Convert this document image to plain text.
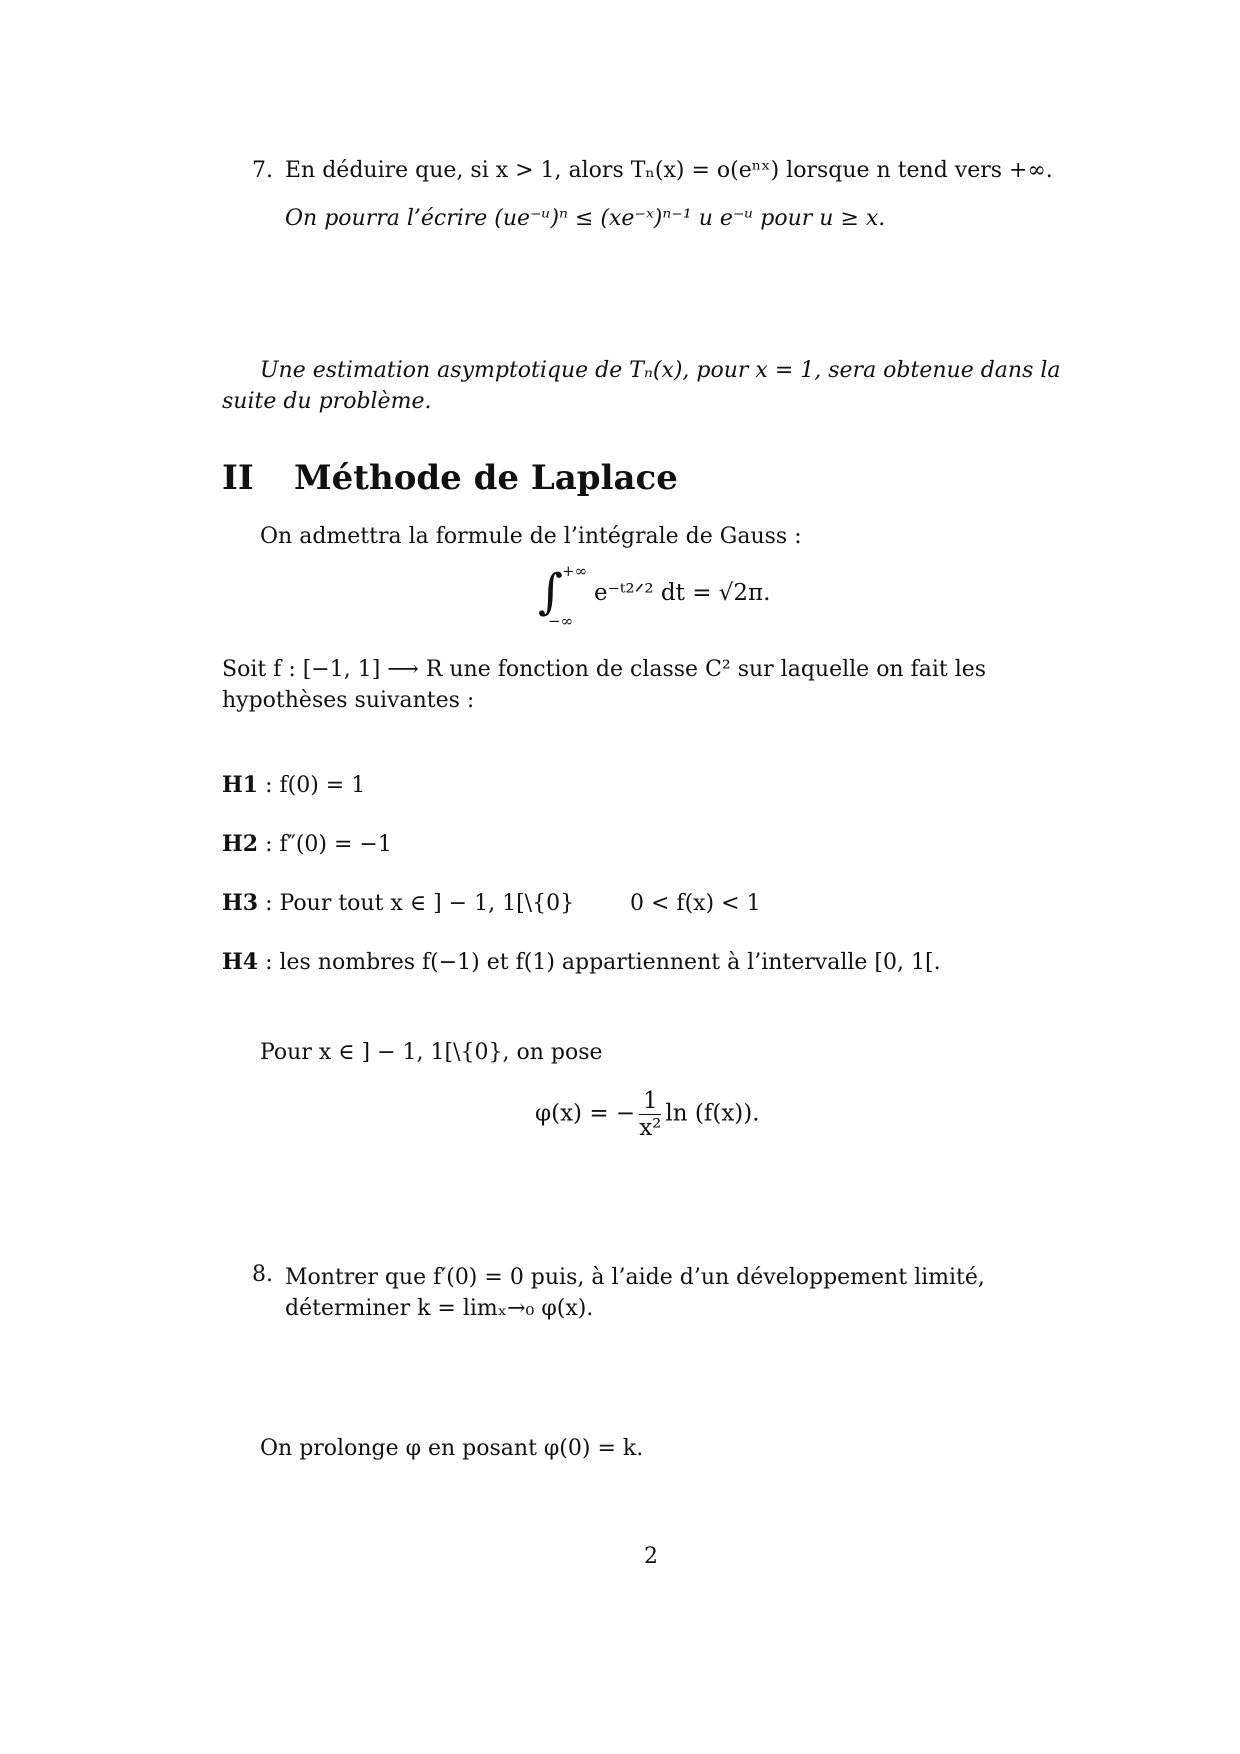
7. En déduire que, si x > 1, alors Tₙ(x) = o(eⁿˣ) lorsque n tend vers +∞.
On pourra l’écrire (ue⁻ᵘ)ⁿ ≤ (xe⁻ˣ)ⁿ⁻¹ u e⁻ᵘ pour u ≥ x.
Une estimation asymptotique de Tₙ(x), pour x = 1, sera obtenue dans la suite du problème.
II Méthode de Laplace
On admettra la formule de l’intégrale de Gauss :
∫
+∞
−∞
e⁻ᵗ²ᐟ² dt = √2π.
Soit f : [−1, 1] ⟶ R une fonction de classe C² sur laquelle on fait les hypothèses suivantes :
H1 : f(0) = 1
H2 : f″(0) = −1
H3 : Pour tout x ∈ ] − 1, 1[\{0}        0 < f(x) < 1
H4 : les nombres f(−1) et f(1) appartiennent à l’intervalle [0, 1[.
Pour x ∈ ] − 1, 1[\{0}, on pose
φ(x) = − $\frac{1}{\text{x²}}$ ln (f(x)).
8. Montrer que f′(0) = 0 puis, à l’aide d’un développement limité, déterminer k = limₓ→₀ φ(x).
On prolonge φ en posant φ(0) = k.
2
